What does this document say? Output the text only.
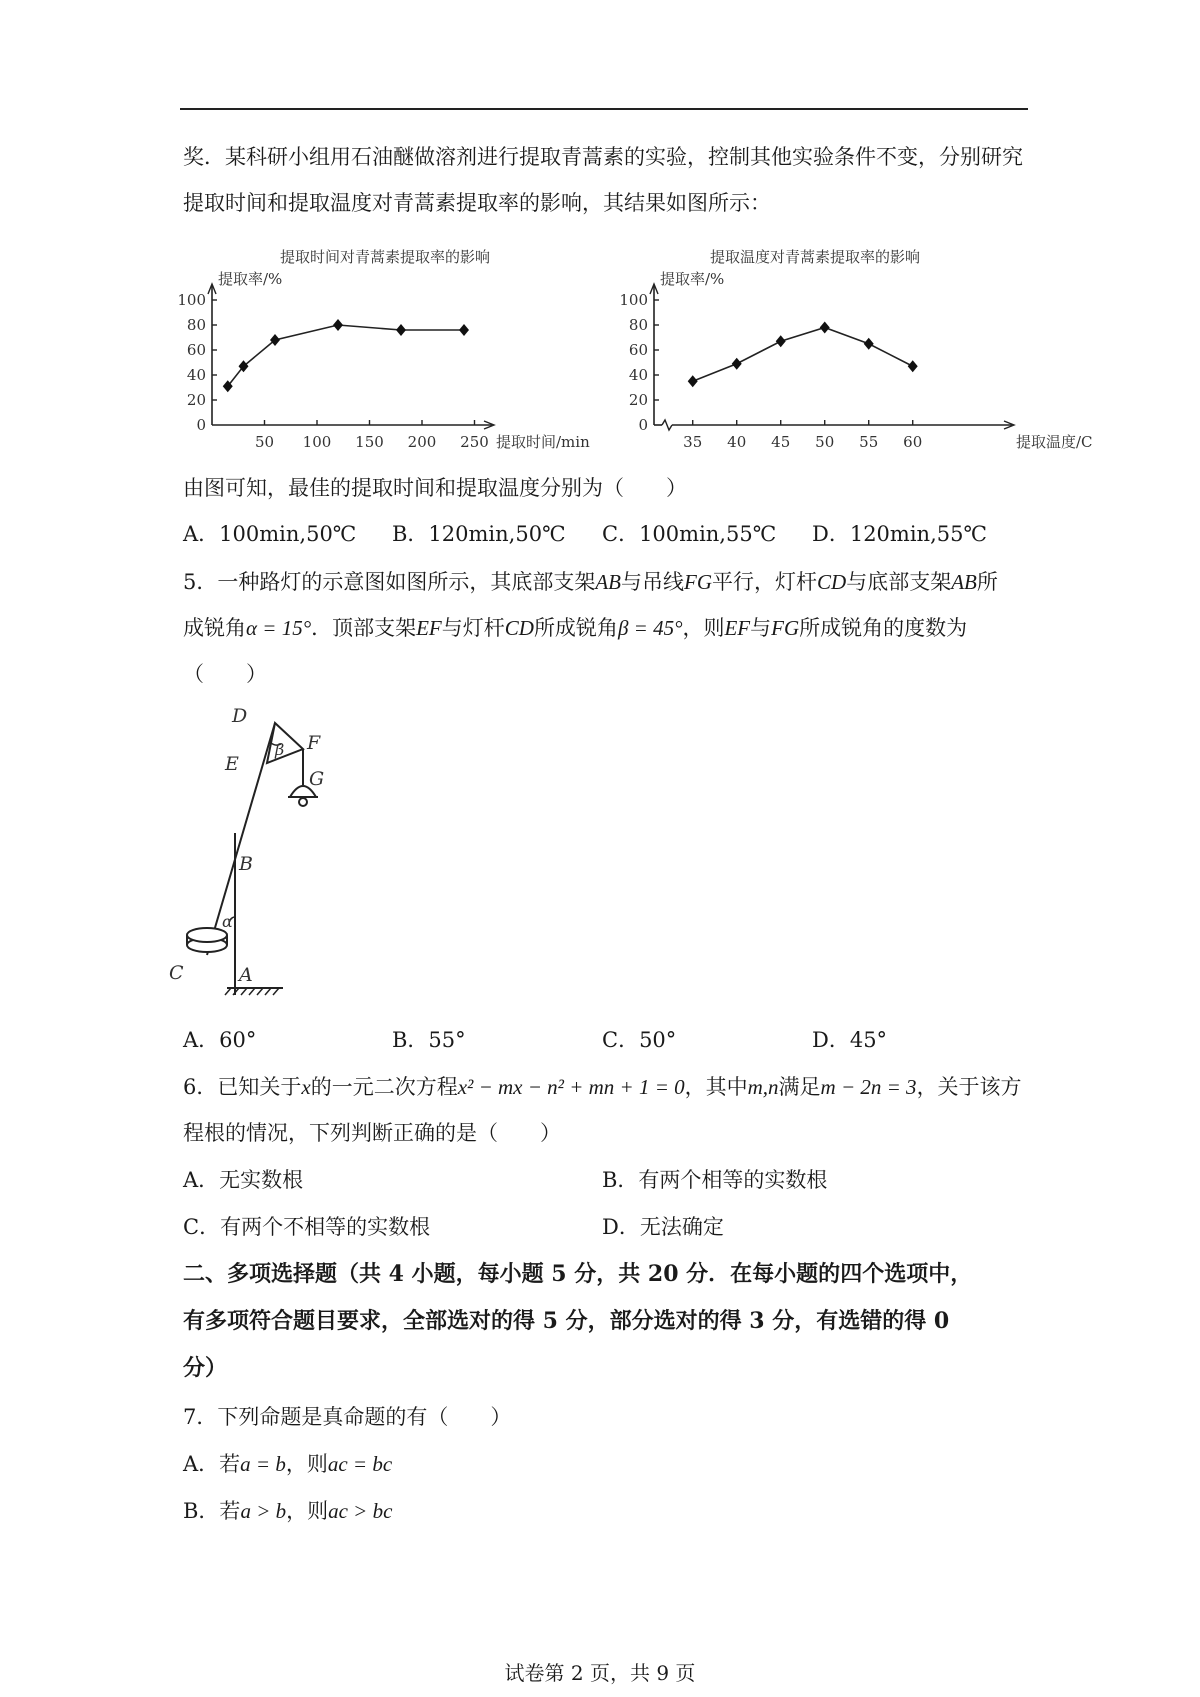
奖．某科研小组用石油醚做溶剂进行提取青蒿素的实验，控制其他实验条件不变，分别研究
提取时间和提取温度对青蒿素提取率的影响，其结果如图所示：
提取时间对青蒿素提取率的影响
提取率/%
提取时间/min
0
20
40
60
80
100
50 100 150 200 250
提取温度对青蒿素提取率的影响
提取率/%
提取温度/C
0
20
40
60
80
100
35 40 45 50 55 60
由图可知，最佳的提取时间和提取温度分别为（　　）
A．100min,50℃ B．120min,50℃ C．100min,55℃ D．120min,55℃
5．一种路灯的示意图如图所示，其底部支架AB与吊线FG平行，灯杆CD与底部支架AB所
成锐角α = 15°．顶部支架EF与灯杆CD所成锐角β = 45°，则EF与FG所成锐角的度数为
（　　）
D
E
F
G
B
C	A
α
β
A．60°	B．55°	C．50°	D．45°
6．已知关于x的一元二次方程x² − mx − n² + mn + 1 = 0，其中m,n满足m − 2n = 3，关于该方
程根的情况，下列判断正确的是（　　）
A．无实数根	B．有两个相等的实数根
C．有两个不相等的实数根	D．无法确定
二、多项选择题（共 4 小题，每小题 5 分，共 20 分．在每小题的四个选项中，
有多项符合题目要求，全部选对的得 5 分，部分选对的得 3 分，有选错的得 0
分）
7．下列命题是真命题的有（　　）
A．若a = b，则ac = bc
B．若a > b，则ac > bc
试卷第 2 页，共 9 页
